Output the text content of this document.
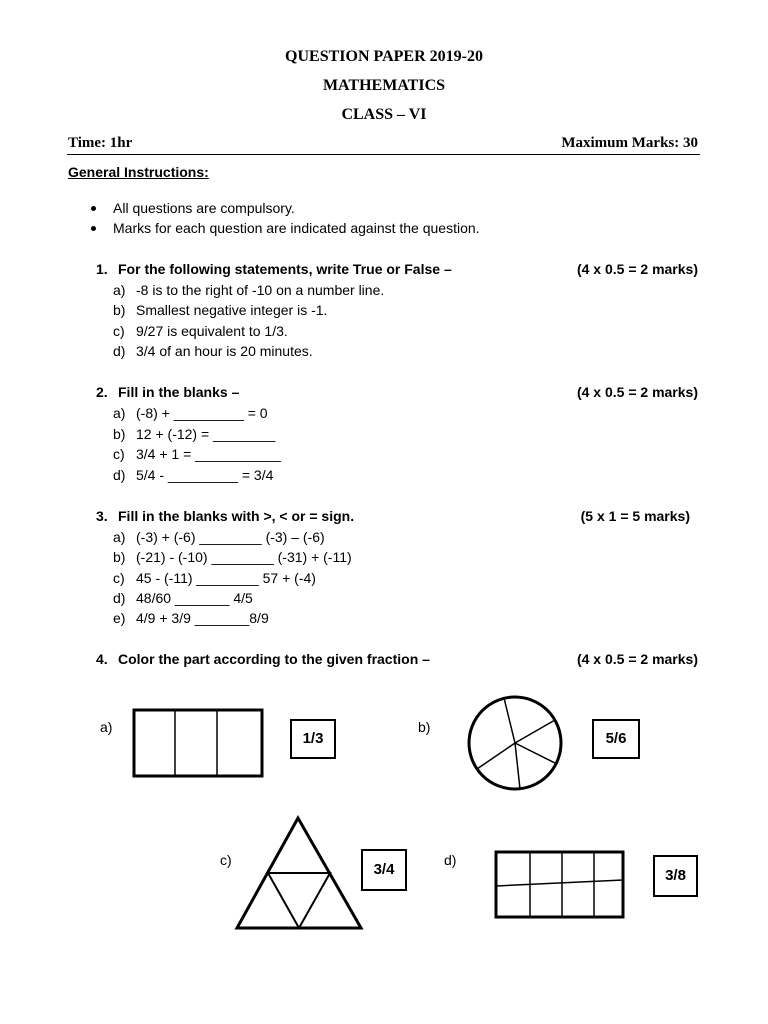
QUESTION PAPER 2019-20
MATHEMATICS
CLASS – VI
Time: 1hr	Maximum Marks: 30
General Instructions:
All questions are compulsory.
Marks for each question are indicated against the question.
1. For the following statements, write True or False –	(4 x 0.5 = 2 marks)
a) -8 is to the right of -10 on a number line.
b) Smallest negative integer is -1.
c) 9/27 is equivalent to 1/3.
d) 3/4 of an hour is 20 minutes.
2. Fill in the blanks –	(4 x 0.5 = 2 marks)
a) (-8) + _________ = 0
b) 12 + (-12) = ________
c) 3/4 + 1 = ___________
d) 5/4 - _________ = 3/4
3. Fill in the blanks with >, < or = sign.	(5 x 1 = 5 marks)
a) (-3) + (-6) ________ (-3) – (-6)
b) (-21) - (-10) ________ (-31) + (-11)
c) 45 - (-11) ________ 57 + (-4)
d) 48/60 _______ 4/5
e) 4/9 + 3/9 _______8/9
4. Color the part according to the given fraction –	(4 x 0.5 = 2 marks)
a)
1/3
b)
5/6
c)
3/4
d)
3/8
